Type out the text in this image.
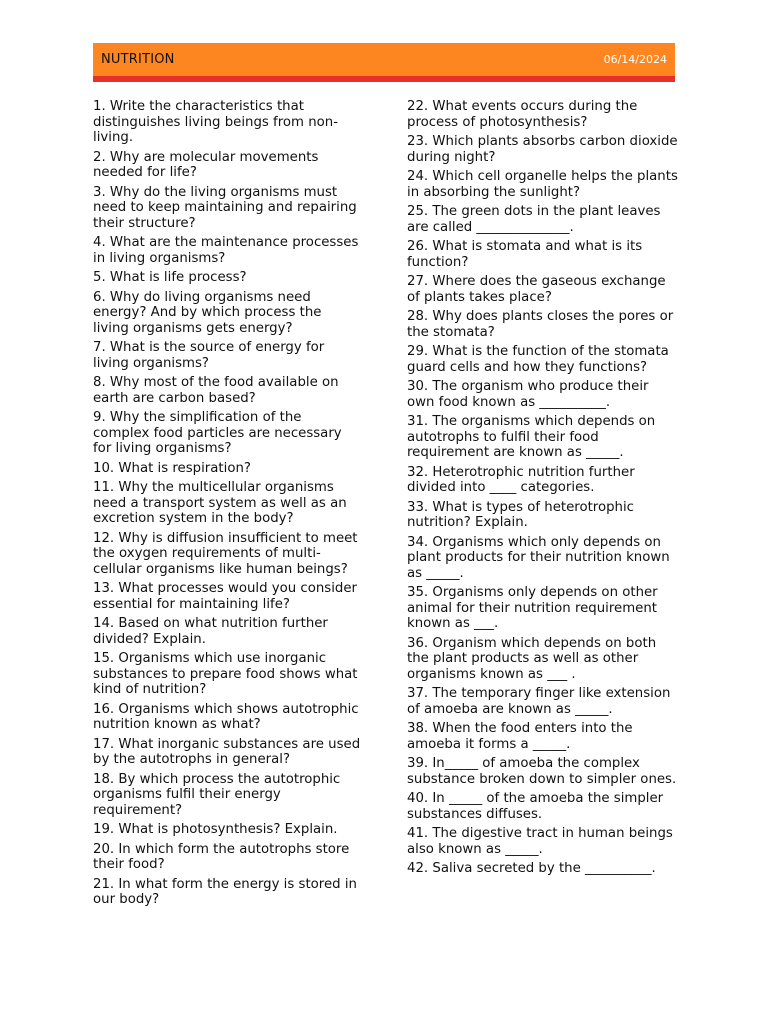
NUTRITION	06/14/2024
1. Write the characteristics that distinguishes living beings from non-living.
2. Why are molecular movements needed for life?
3. Why do the living organisms must need to keep maintaining and repairing their structure?
4. What are the maintenance processes in living organisms?
5. What is life process?
6. Why do living organisms need energy? And by which process the living organisms gets energy?
7. What is the source of energy for living organisms?
8. Why most of the food available on earth are carbon based?
9. Why the simplification of the complex food particles are necessary for living organisms?
10. What is respiration?
11. Why the multicellular organisms need a transport system as well as an excretion system in the body?
12. Why is diffusion insufficient to meet the oxygen requirements of multi-cellular organisms like human beings?
13. What processes would you consider essential for maintaining life?
14. Based on what nutrition further divided? Explain.
15. Organisms which use inorganic substances to prepare food shows what kind of nutrition?
16. Organisms which shows autotrophic nutrition known as what?
17. What inorganic substances are used by the autotrophs in general?
18. By which process the autotrophic organisms fulfil their energy requirement?
19. What is photosynthesis? Explain.
20. In which form the autotrophs store their food?
21. In what form the energy is stored in our body?
22. What events occurs during the process of photosynthesis?
23. Which plants absorbs carbon dioxide during night?
24. Which cell organelle helps the plants in absorbing the sunlight?
25. The green dots in the plant leaves are called ______________.
26. What is stomata and what is its function?
27. Where does the gaseous exchange of plants takes place?
28. Why does plants closes the pores or the stomata?
29. What is the function of the stomata guard cells and how they functions?
30. The organism who produce their own food known as __________.
31. The organisms which depends on autotrophs to fulfil their food requirement are known as _____.
32. Heterotrophic nutrition further divided into ____ categories.
33. What is types of heterotrophic nutrition? Explain.
34. Organisms which only depends on plant products for their nutrition known as _____.
35. Organisms only depends on other animal for their nutrition requirement known as ___.
36. Organism which depends on both the plant products as well as other organisms known as ___ .
37. The temporary finger like extension of amoeba are known as _____.
38. When the food enters into the amoeba it forms a _____.
39. In_____ of amoeba the complex substance broken down to simpler ones.
40. In _____ of the amoeba the simpler substances diffuses.
41. The digestive tract in human beings also known as _____.
42. Saliva secreted by the __________.
